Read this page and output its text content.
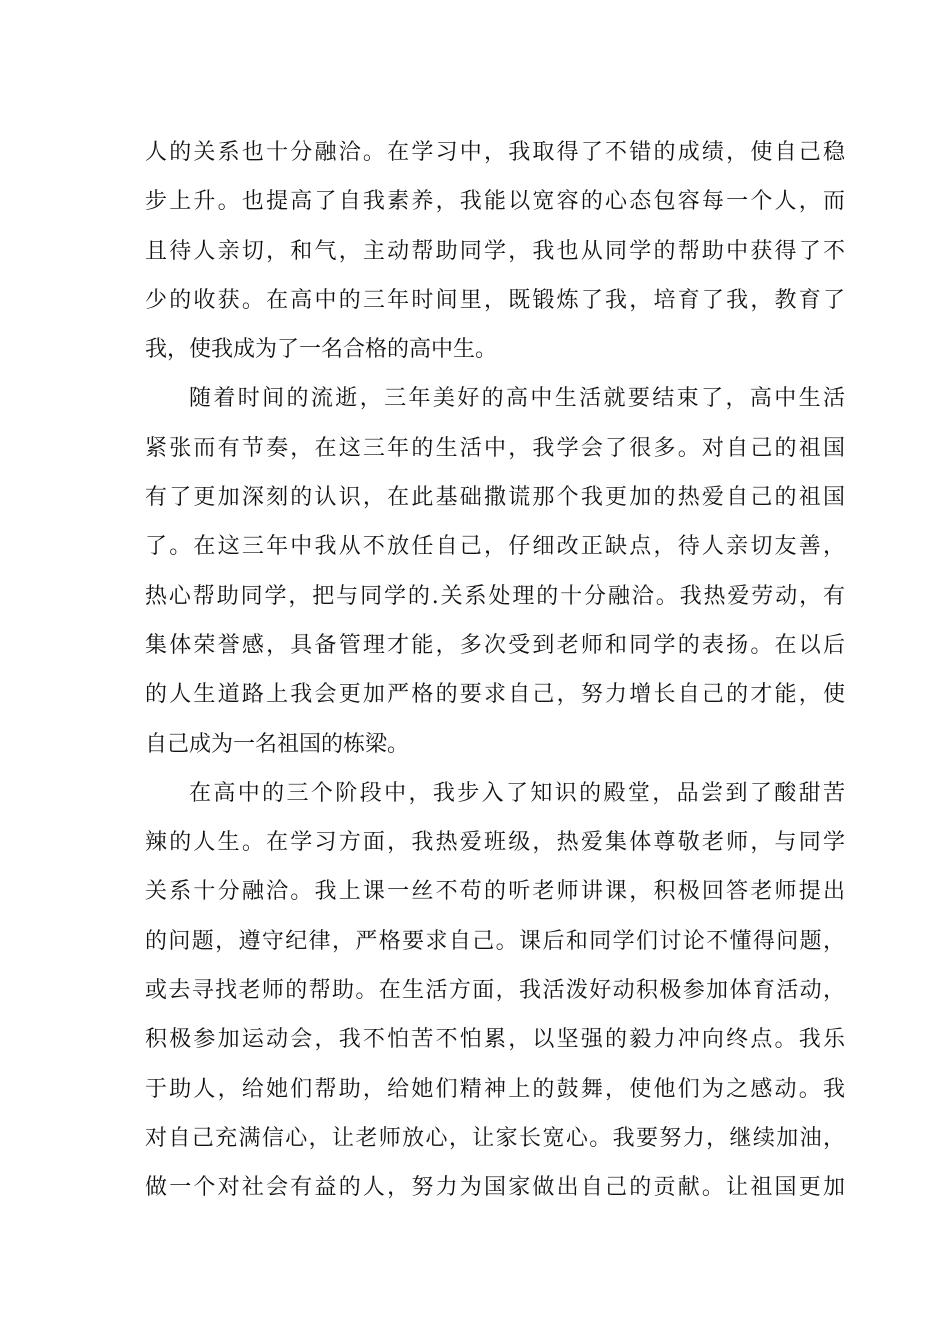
人的关系也十分融洽。在学习中，我取得了不错的成绩，使自己稳
步上升。也提高了自我素养，我能以宽容的心态包容每一个人，而
且待人亲切，和气，主动帮助同学，我也从同学的帮助中获得了不
少的收获。在高中的三年时间里，既锻炼了我，培育了我，教育了
我，使我成为了一名合格的高中生。
随着时间的流逝，三年美好的高中生活就要结束了，高中生活
紧张而有节奏，在这三年的生活中，我学会了很多。对自己的祖国
有了更加深刻的认识，在此基础撒谎那个我更加的热爱自己的祖国
了。在这三年中我从不放任自己，仔细改正缺点，待人亲切友善，
热心帮助同学，把与同学的.关系处理的十分融洽。我热爱劳动，有
集体荣誉感，具备管理才能，多次受到老师和同学的表扬。在以后
的人生道路上我会更加严格的要求自己，努力增长自己的才能，使
自己成为一名祖国的栋梁。
在高中的三个阶段中，我步入了知识的殿堂，品尝到了酸甜苦
辣的人生。在学习方面，我热爱班级，热爱集体尊敬老师，与同学
关系十分融洽。我上课一丝不苟的听老师讲课，积极回答老师提出
的问题，遵守纪律，严格要求自己。课后和同学们讨论不懂得问题，
或去寻找老师的帮助。在生活方面，我活泼好动积极参加体育活动，
积极参加运动会，我不怕苦不怕累，以坚强的毅力冲向终点。我乐
于助人，给她们帮助，给她们精神上的鼓舞，使他们为之感动。我
对自己充满信心，让老师放心，让家长宽心。我要努力，继续加油，
做一个对社会有益的人，努力为国家做出自己的贡献。让祖国更加
